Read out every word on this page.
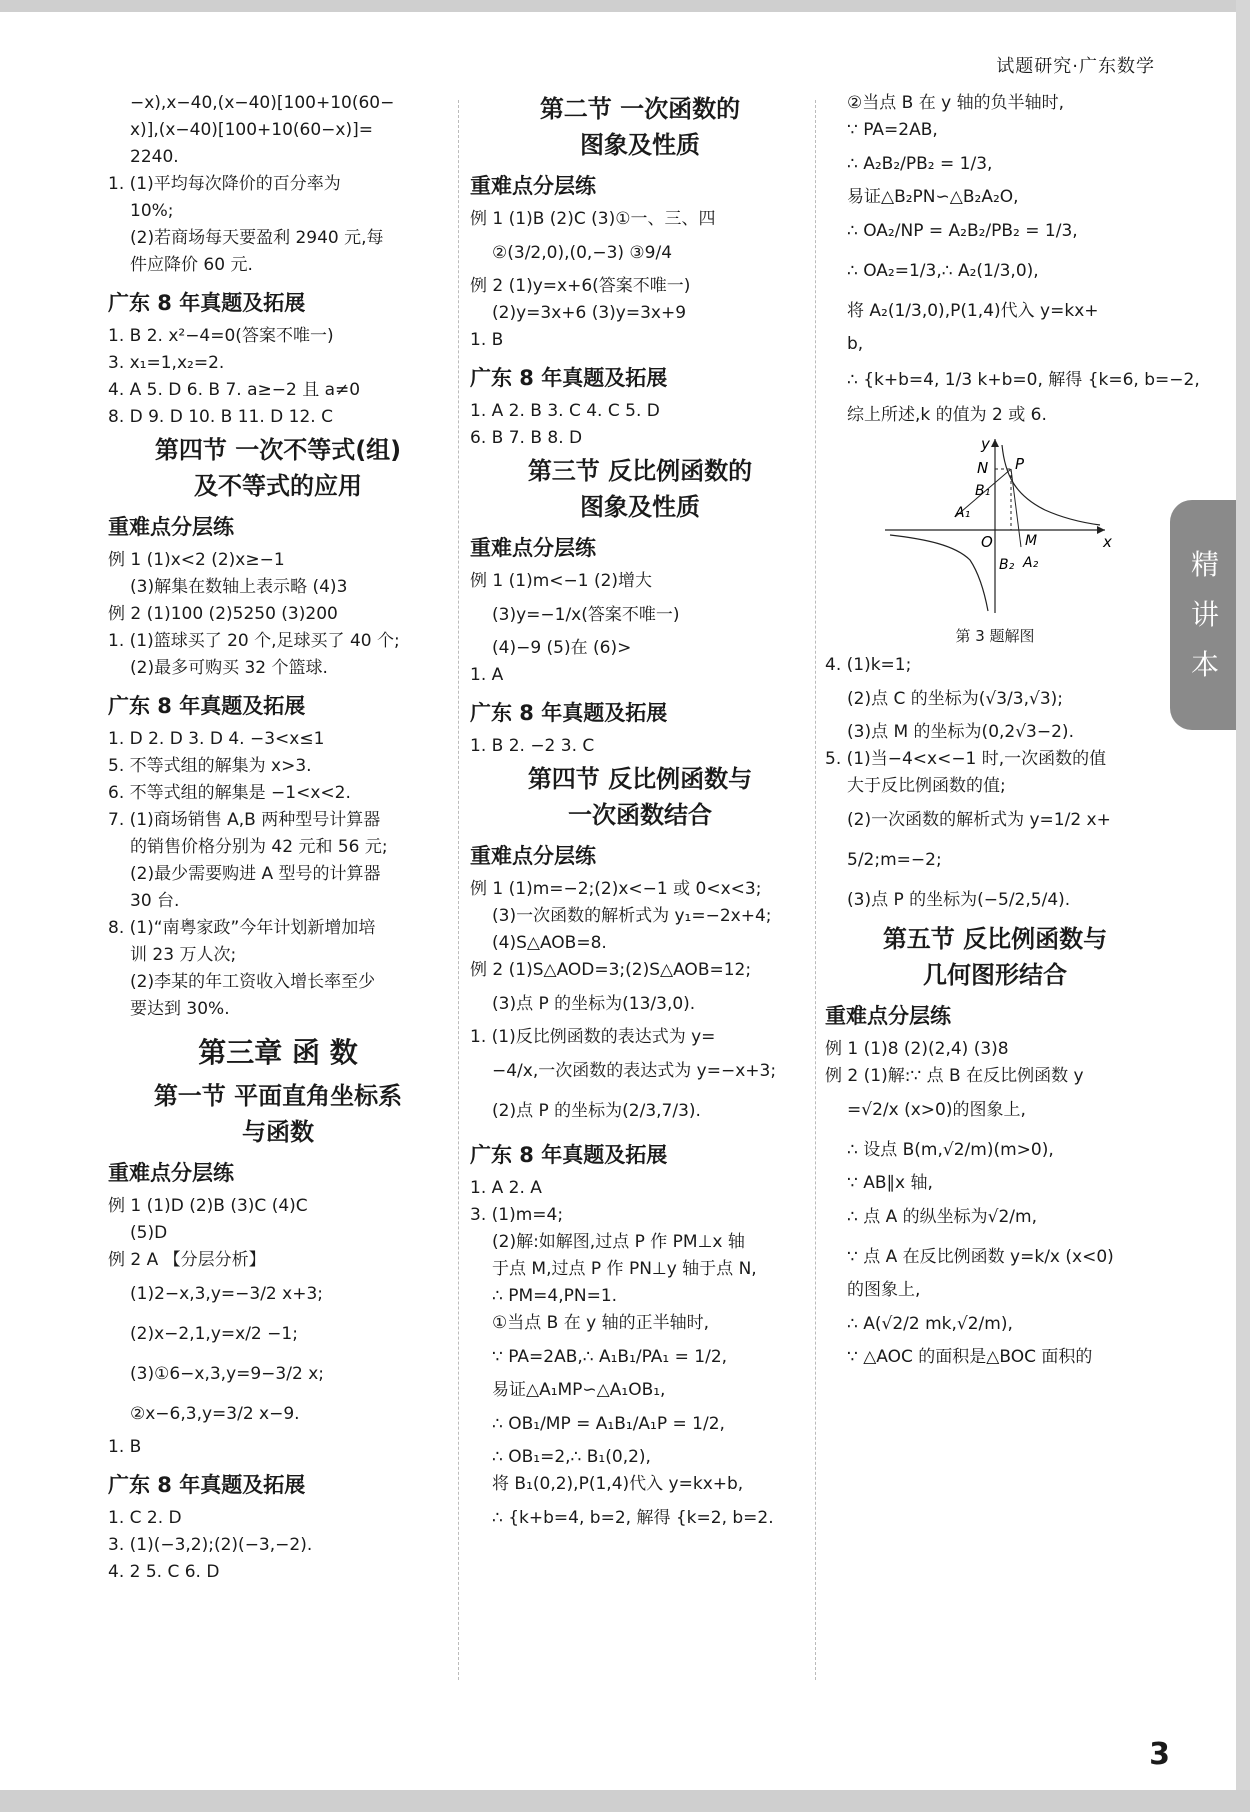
试题研究·广东数学
精
讲
本
−x),x−40,(x−40)[100+10(60−
x)],(x−40)[100+10(60−x)]=
2240.
1. (1)平均每次降价的百分率为
10%;
(2)若商场每天要盈利 2940 元,每
件应降价 60 元.
广东 8 年真题及拓展
1. B 2. x²−4=0(答案不唯一)
3. x₁=1,x₂=2.
4. A 5. D 6. B 7. a≥−2 且 a≠0
8. D 9. D 10. B 11. D 12. C
第四节 一次不等式(组)
及不等式的应用
重难点分层练
例 1 (1)x<2 (2)x≥−1
(3)解集在数轴上表示略 (4)3
例 2 (1)100 (2)5250 (3)200
1. (1)篮球买了 20 个,足球买了 40 个;
(2)最多可购买 32 个篮球.
广东 8 年真题及拓展
1. D 2. D 3. D 4. −3<x≤1
5. 不等式组的解集为 x>3.
6. 不等式组的解集是 −1<x<2.
7. (1)商场销售 A,B 两种型号计算器
的销售价格分别为 42 元和 56 元;
(2)最少需要购进 A 型号的计算器
30 台.
8. (1)“南粤家政”今年计划新增加培
训 23 万人次;
(2)李某的年工资收入增长率至少
要达到 30%.
第三章 函 数
第一节 平面直角坐标系
与函数
重难点分层练
例 1 (1)D (2)B (3)C (4)C
(5)D
例 2 A 【分层分析】
(1)2−x,3,y=−3/2 x+3;
(2)x−2,1,y=x/2 −1;
(3)①6−x,3,y=9−3/2 x;
②x−6,3,y=3/2 x−9.
1. B
广东 8 年真题及拓展
1. C 2. D
3. (1)(−3,2);(2)(−3,−2).
4. 2 5. C 6. D
第二节 一次函数的
图象及性质
重难点分层练
例 1 (1)B (2)C (3)①一、三、四
②(3/2,0),(0,−3) ③9/4
例 2 (1)y=x+6(答案不唯一)
(2)y=3x+6 (3)y=3x+9
1. B
广东 8 年真题及拓展
1. A 2. B 3. C 4. C 5. D
6. B 7. B 8. D
第三节 反比例函数的
图象及性质
重难点分层练
例 1 (1)m<−1 (2)增大
(3)y=−1/x(答案不唯一)
(4)−9 (5)在 (6)>
1. A
广东 8 年真题及拓展
1. B 2. −2 3. C
第四节 反比例函数与
一次函数结合
重难点分层练
例 1 (1)m=−2;(2)x<−1 或 0<x<3;
(3)一次函数的解析式为 y₁=−2x+4;
(4)S△AOB=8.
例 2 (1)S△AOD=3;(2)S△AOB=12;
(3)点 P 的坐标为(13/3,0).
1. (1)反比例函数的表达式为 y=
−4/x,一次函数的表达式为 y=−x+3;
(2)点 P 的坐标为(2/3,7/3).
广东 8 年真题及拓展
1. A 2. A
3. (1)m=4;
(2)解:如解图,过点 P 作 PM⊥x 轴
于点 M,过点 P 作 PN⊥y 轴于点 N,
∴ PM=4,PN=1.
①当点 B 在 y 轴的正半轴时,
∵ PA=2AB,∴ A₁B₁/PA₁ = 1/2,
易证△A₁MP∽△A₁OB₁,
∴ OB₁/MP = A₁B₁/A₁P = 1/2,
∴ OB₁=2,∴ B₁(0,2),
将 B₁(0,2),P(1,4)代入 y=kx+b,
∴ {k+b=4, b=2, 解得 {k=2, b=2.
②当点 B 在 y 轴的负半轴时,
∵ PA=2AB,
∴ A₂B₂/PB₂ = 1/3,
易证△B₂PN∽△B₂A₂O,
∴ OA₂/NP = A₂B₂/PB₂ = 1/3,
∴ OA₂=1/3,∴ A₂(1/3,0),
将 A₂(1/3,0),P(1,4)代入 y=kx+
b,
∴ {k+b=4, 1/3 k+b=0, 解得 {k=6, b=−2,
综上所述,k 的值为 2 或 6.
x
y
O
N P
B₁
A₁
B₂
M
A₂
第 3 题解图
4. (1)k=1;
(2)点 C 的坐标为(√3/3,√3);
(3)点 M 的坐标为(0,2√3−2).
5. (1)当−4<x<−1 时,一次函数的值
大于反比例函数的值;
(2)一次函数的解析式为 y=1/2 x+
5/2;m=−2;
(3)点 P 的坐标为(−5/2,5/4).
第五节 反比例函数与
几何图形结合
重难点分层练
例 1 (1)8 (2)(2,4) (3)8
例 2 (1)解:∵ 点 B 在反比例函数 y
=√2/x (x>0)的图象上,
∴ 设点 B(m,√2/m)(m>0),
∵ AB∥x 轴,
∴ 点 A 的纵坐标为√2/m,
∵ 点 A 在反比例函数 y=k/x (x<0)
的图象上,
∴ A(√2/2 mk,√2/m),
∵ △AOC 的面积是△BOC 面积的
3
